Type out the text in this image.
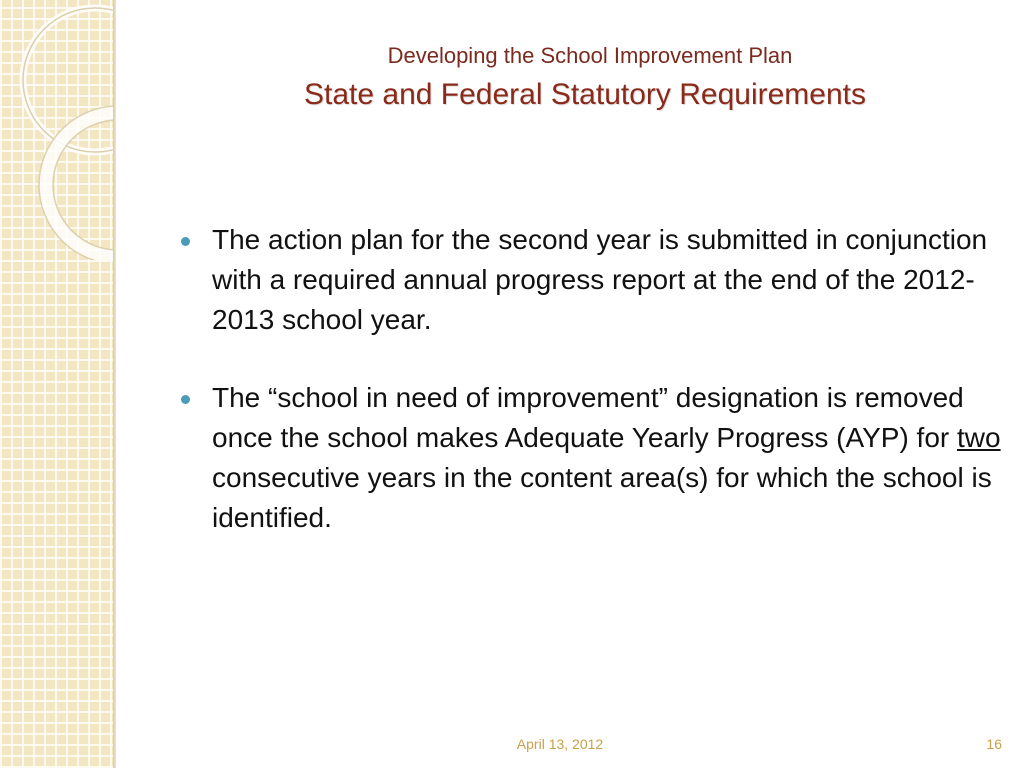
Developing the School Improvement Plan
State and Federal Statutory Requirements
The action plan for the second year is submitted in conjunction with a required annual progress report at the end of the 2012-2013 school year.
The “school in need of improvement” designation is removed once the school makes Adequate Yearly Progress (AYP) for two consecutive years in the content area(s) for which the school is identified.
April 13, 2012	16
